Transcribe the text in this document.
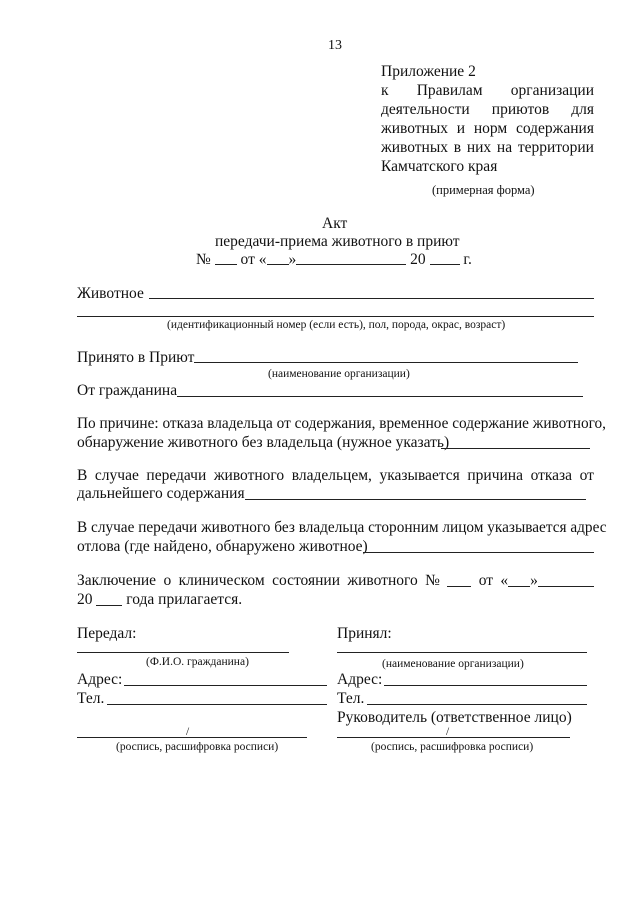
13
Приложение 2
к Правилам организации
деятельности приютов для
животных и норм содержания
животных в них на территории
Камчатского края
(примерная форма)
Акт
передачи-приема животного в приют
№ от « »	20 г.
Животное
(идентификационный номер (если есть), пол, порода, окрас, возраст)
Принято в Приют
(наименование организации)
От гражданина
По причине: отказа владельца от содержания, временное содержание животного,
обнаружение животного без владельца (нужное указать)
В случае передачи животного владельцем, указывается причина отказа от
дальнейшего содержания
В случае передачи животного без владельца сторонним лицом указывается адрес
отлова (где найдено, обнаружено животное)
Заключение о клиническом состоянии животного №	от « »
20 года прилагается.
Передал:
(Ф.И.О. гражданина)
Адрес:
Тел.
/
(роспись, расшифровка росписи)
Принял:
(наименование организации)
Адрес:
Тел.
Руководитель (ответственное лицо)
/
(роспись, расшифровка росписи)
